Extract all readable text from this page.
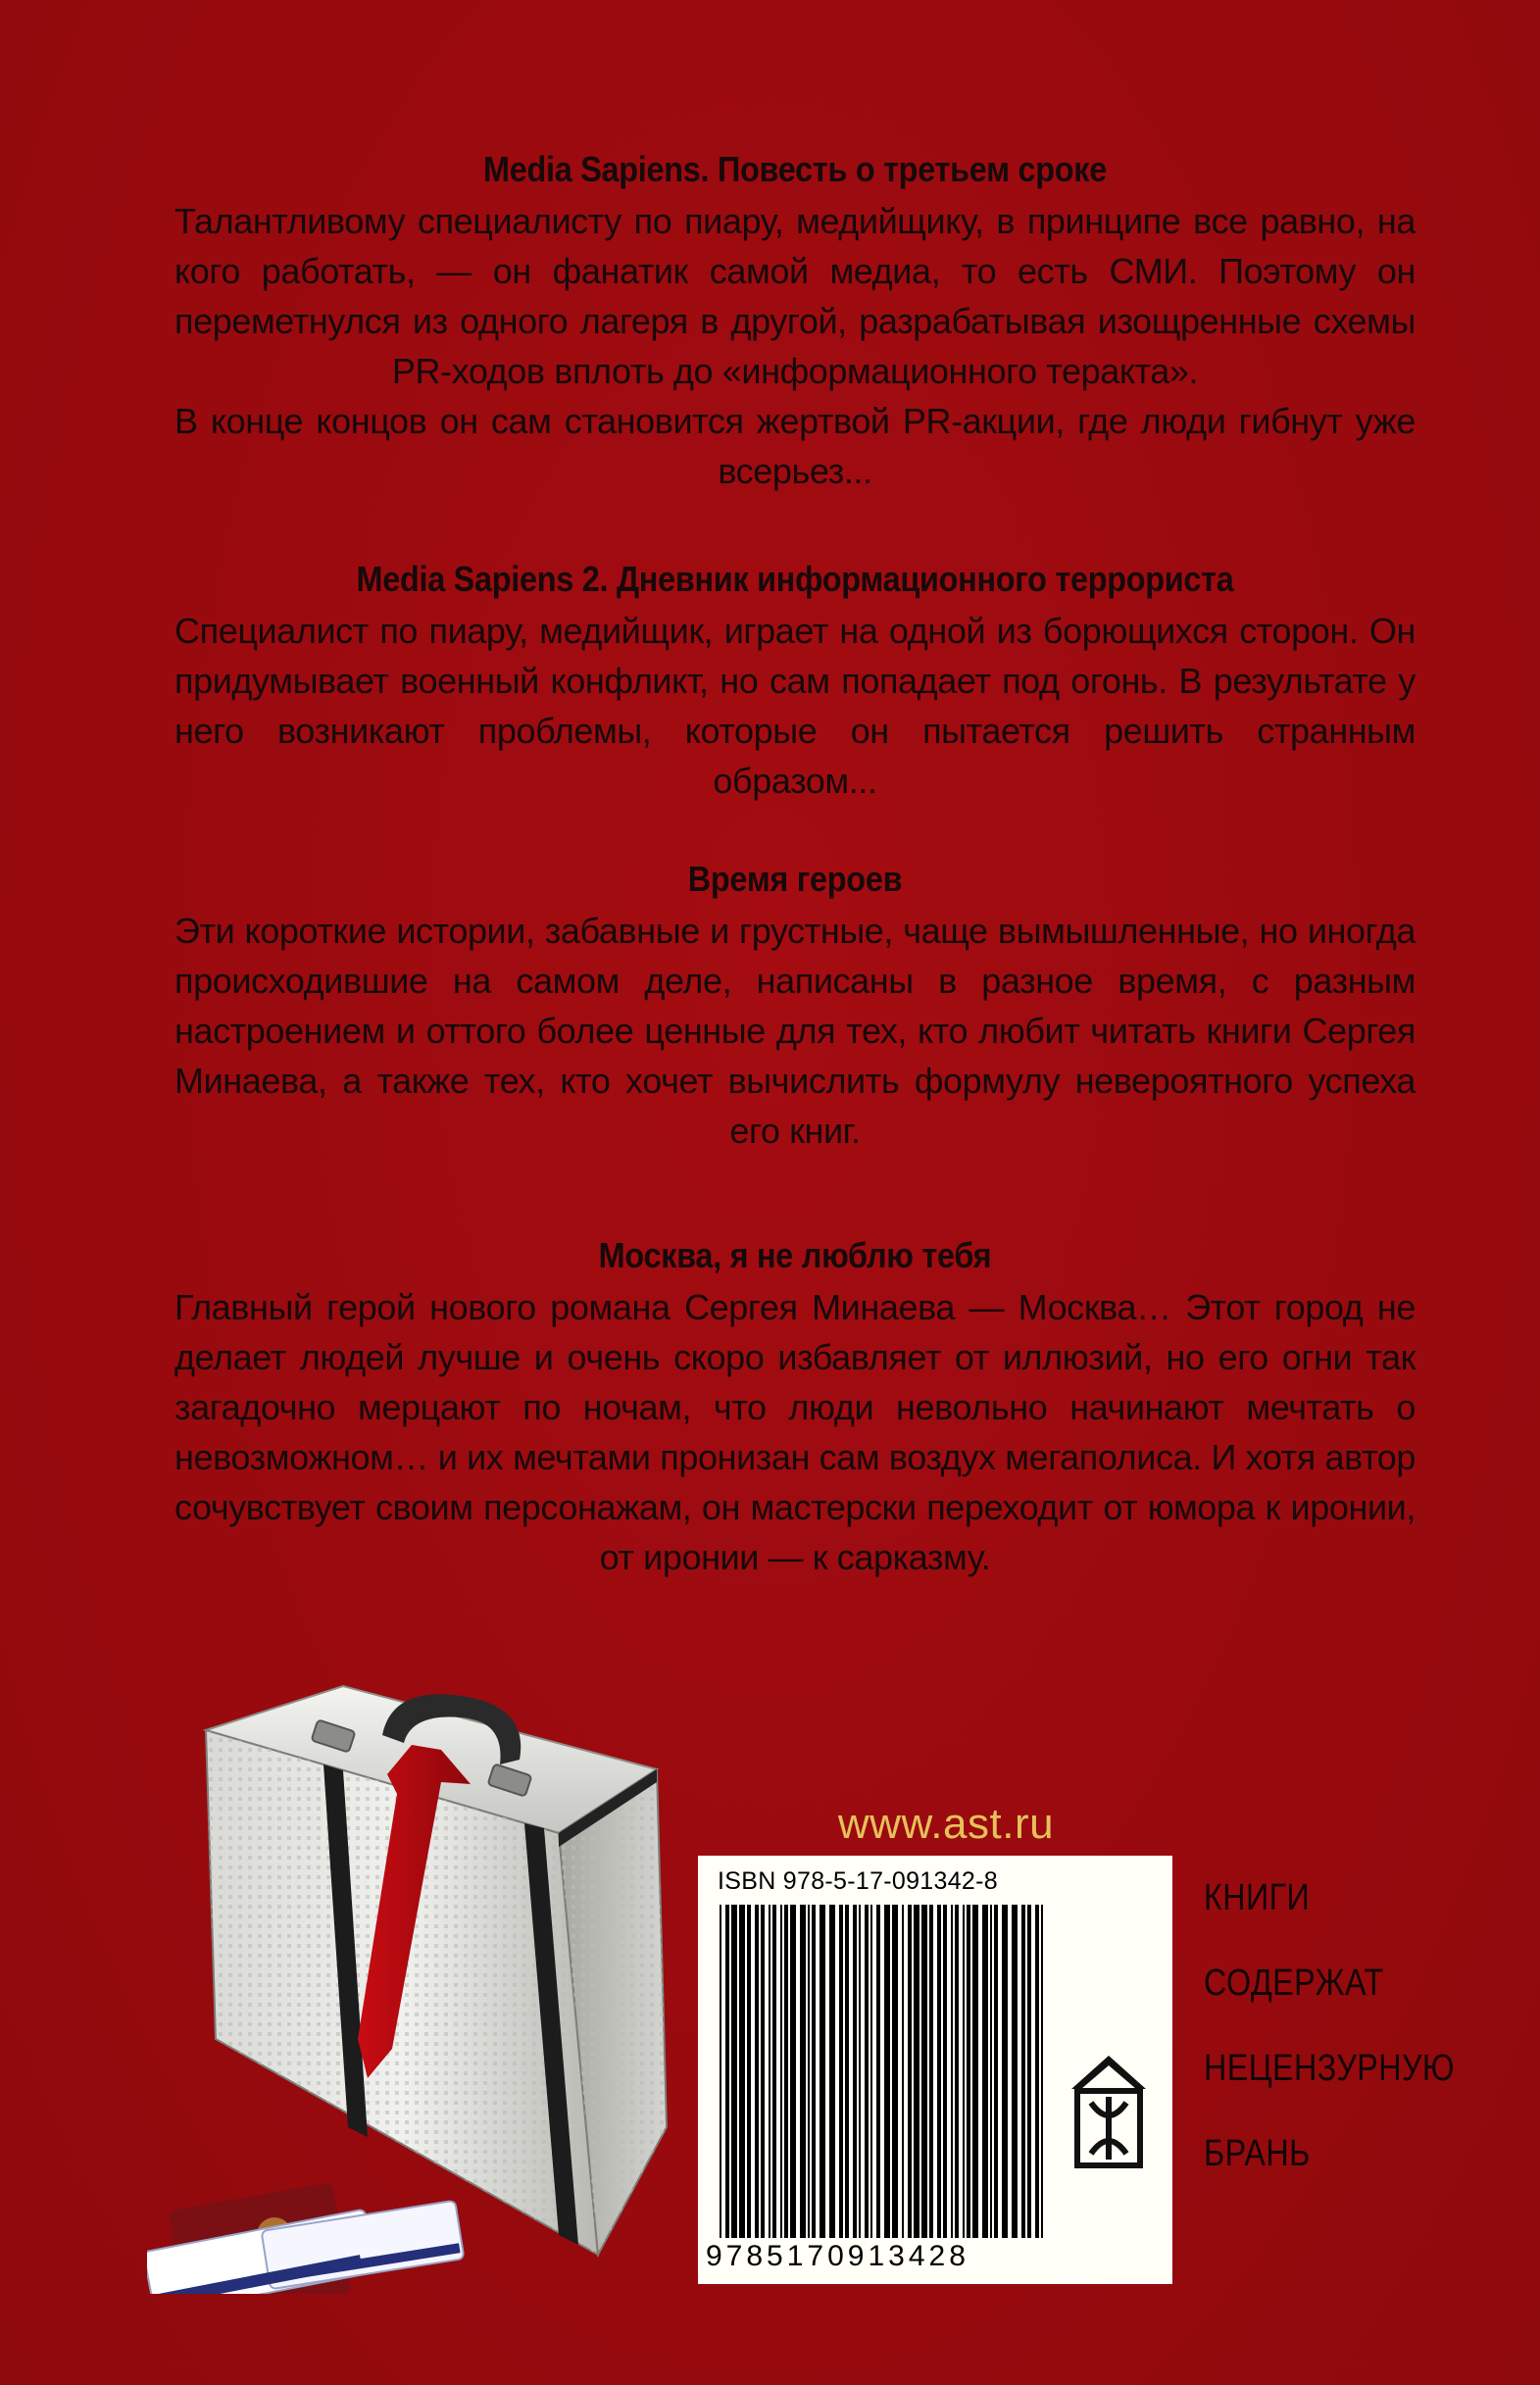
Media Sapiens. Повесть о третьем сроке

Талантливому специалисту по пиару, медийщику, в принципе все равно, на кого работать, — он фанатик самой медиа, то есть СМИ. Поэтому он переметнулся из одного лагеря в другой, разрабатывая изощренные схемы PR-ходов вплоть до «информационного теракта».

В конце концов он сам становится жертвой PR-акции, где люди гибнут уже всерьез...

Media Sapiens 2. Дневник информационного террориста

Специалист по пиару, медийщик, играет на одной из борющихся сторон. Он придумывает военный конфликт, но сам попадает под огонь. В результате у него возникают проблемы, которые он пытается решить странным образом...

Время героев

Эти короткие истории, забавные и грустные, чаще вымышленные, но иногда происходившие на самом деле, написаны в разное время, с разным настроением и оттого более ценные для тех, кто любит читать книги Сергея Минаева, а также тех, кто хочет вычислить формулу невероятного успеха его книг.

Москва, я не люблю тебя

Главный герой нового романа Сергея Минаева — Москва… Этот город не делает людей лучше и очень скоро избавляет от иллюзий, но его огни так загадочно мерцают по ночам, что люди невольно начинают мечтать о невозможном… и их мечтами пронизан сам воздух мегаполиса. И хотя автор сочувствует своим персонажам, он мастерски переходит от юмора к иронии, от иронии — к сарказму.

www.ast.ru
ISBN 978-5-17-091342-8
9785170913428
КНИГИ
СОДЕРЖАТ
НЕЦЕНЗУРНУЮ
БРАНЬ
